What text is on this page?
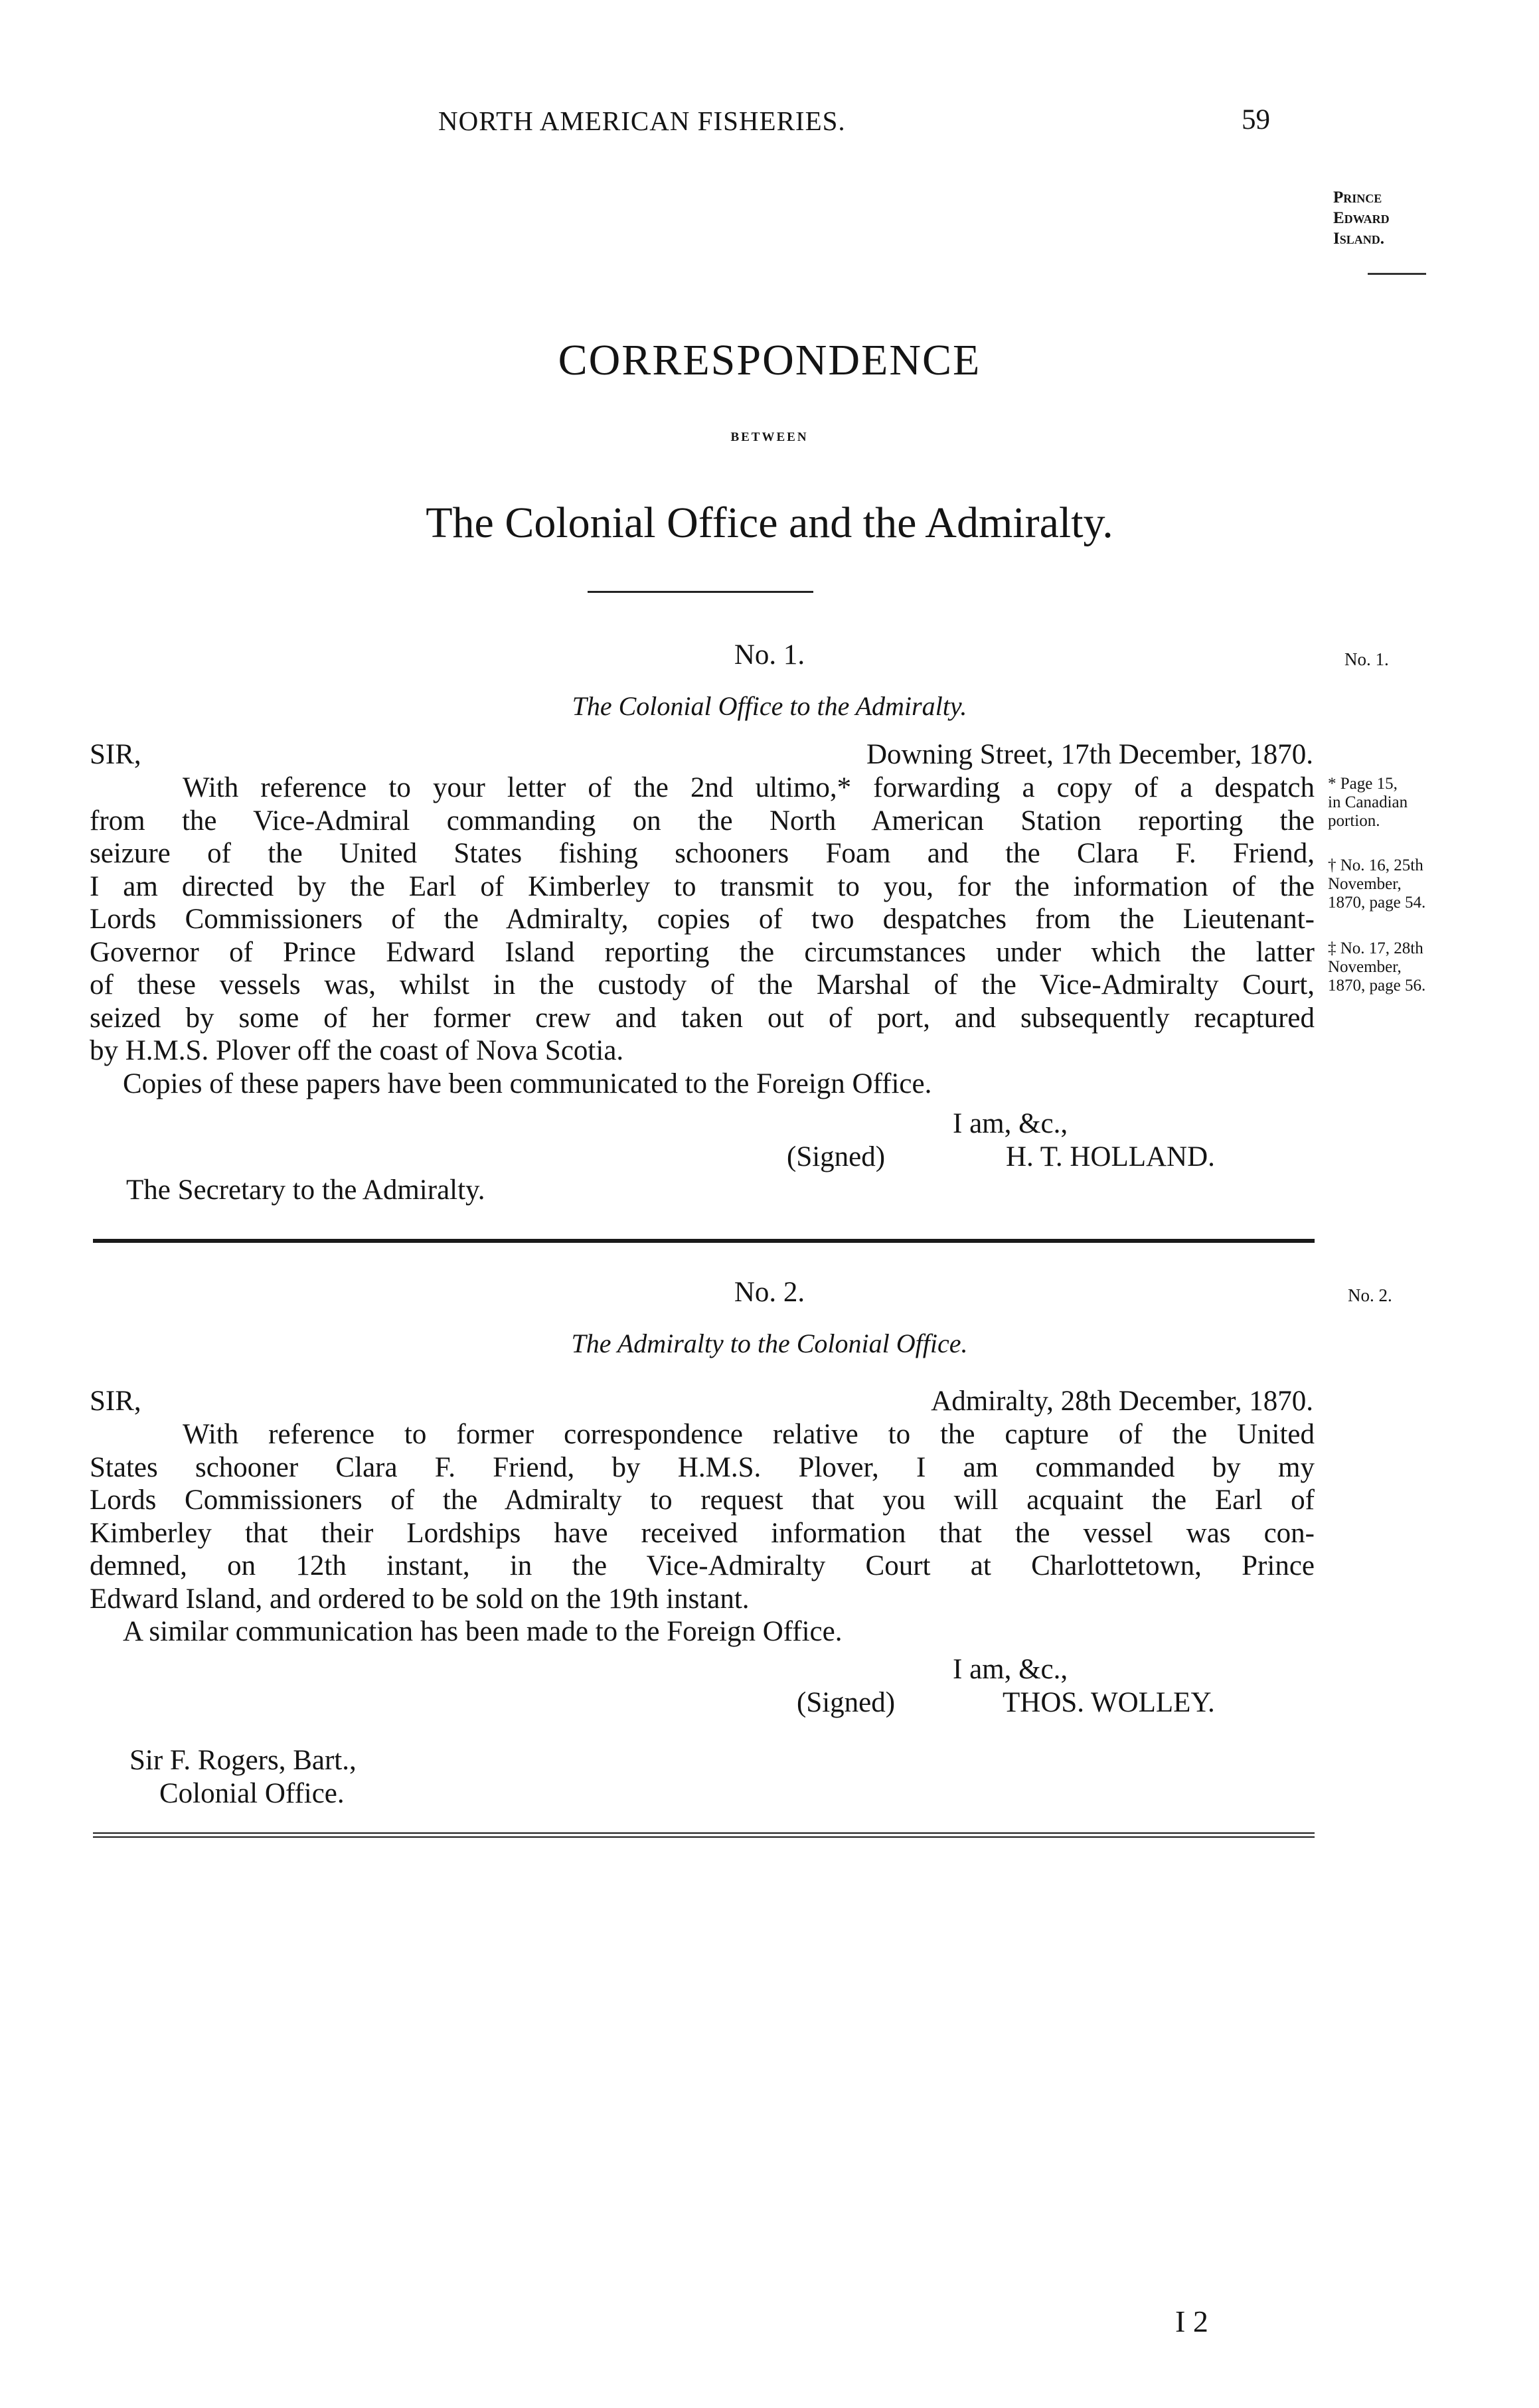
NORTH AMERICAN FISHERIES.	59
Prince
Edward
Island.
CORRESPONDENCE
BETWEEN
The Colonial Office and the Admiralty.
No. 1.	No. 1.
The Colonial Office to the Admiralty.
SIR,	Downing Street, 17th December, 1870.
With reference to your letter of the 2nd ultimo,* forwarding a copy of a despatch
from the Vice-Admiral commanding on the North American Station reporting the
seizure of the United States fishing schooners Foam and the Clara F. Friend,
I am directed by the Earl of Kimberley to transmit to you, for the information of the
Lords Commissioners of the Admiralty, copies of two despatches from the Lieutenant-
Governor of Prince Edward Island reporting the circumstances under which the latter
of these vessels was, whilst in the custody of the Marshal of the Vice-Admiralty Court,
seized by some of her former crew and taken out of port, and subsequently recaptured
by H.M.S. Plover off the coast of Nova Scotia.
Copies of these papers have been communicated to the Foreign Office.
* Page 15,
in Canadian
portion.
† No. 16, 25th
November,
1870, page 54.
‡ No. 17, 28th
November,
1870, page 56.
I am, &c.,
(Signed)	H. T. HOLLAND.
The Secretary to the Admiralty.
No. 2.	No. 2.
The Admiralty to the Colonial Office.
SIR,	Admiralty, 28th December, 1870.
With reference to former correspondence relative to the capture of the United
States schooner Clara F. Friend, by H.M.S. Plover, I am commanded by my
Lords Commissioners of the Admiralty to request that you will acquaint the Earl of
Kimberley that their Lordships have received information that the vessel was con-
demned, on 12th instant, in the Vice-Admiralty Court at Charlottetown, Prince
Edward Island, and ordered to be sold on the 19th instant.
A similar communication has been made to the Foreign Office.
I am, &c.,
(Signed)	THOS. WOLLEY.
Sir F. Rogers, Bart.,
Colonial Office.
I 2
